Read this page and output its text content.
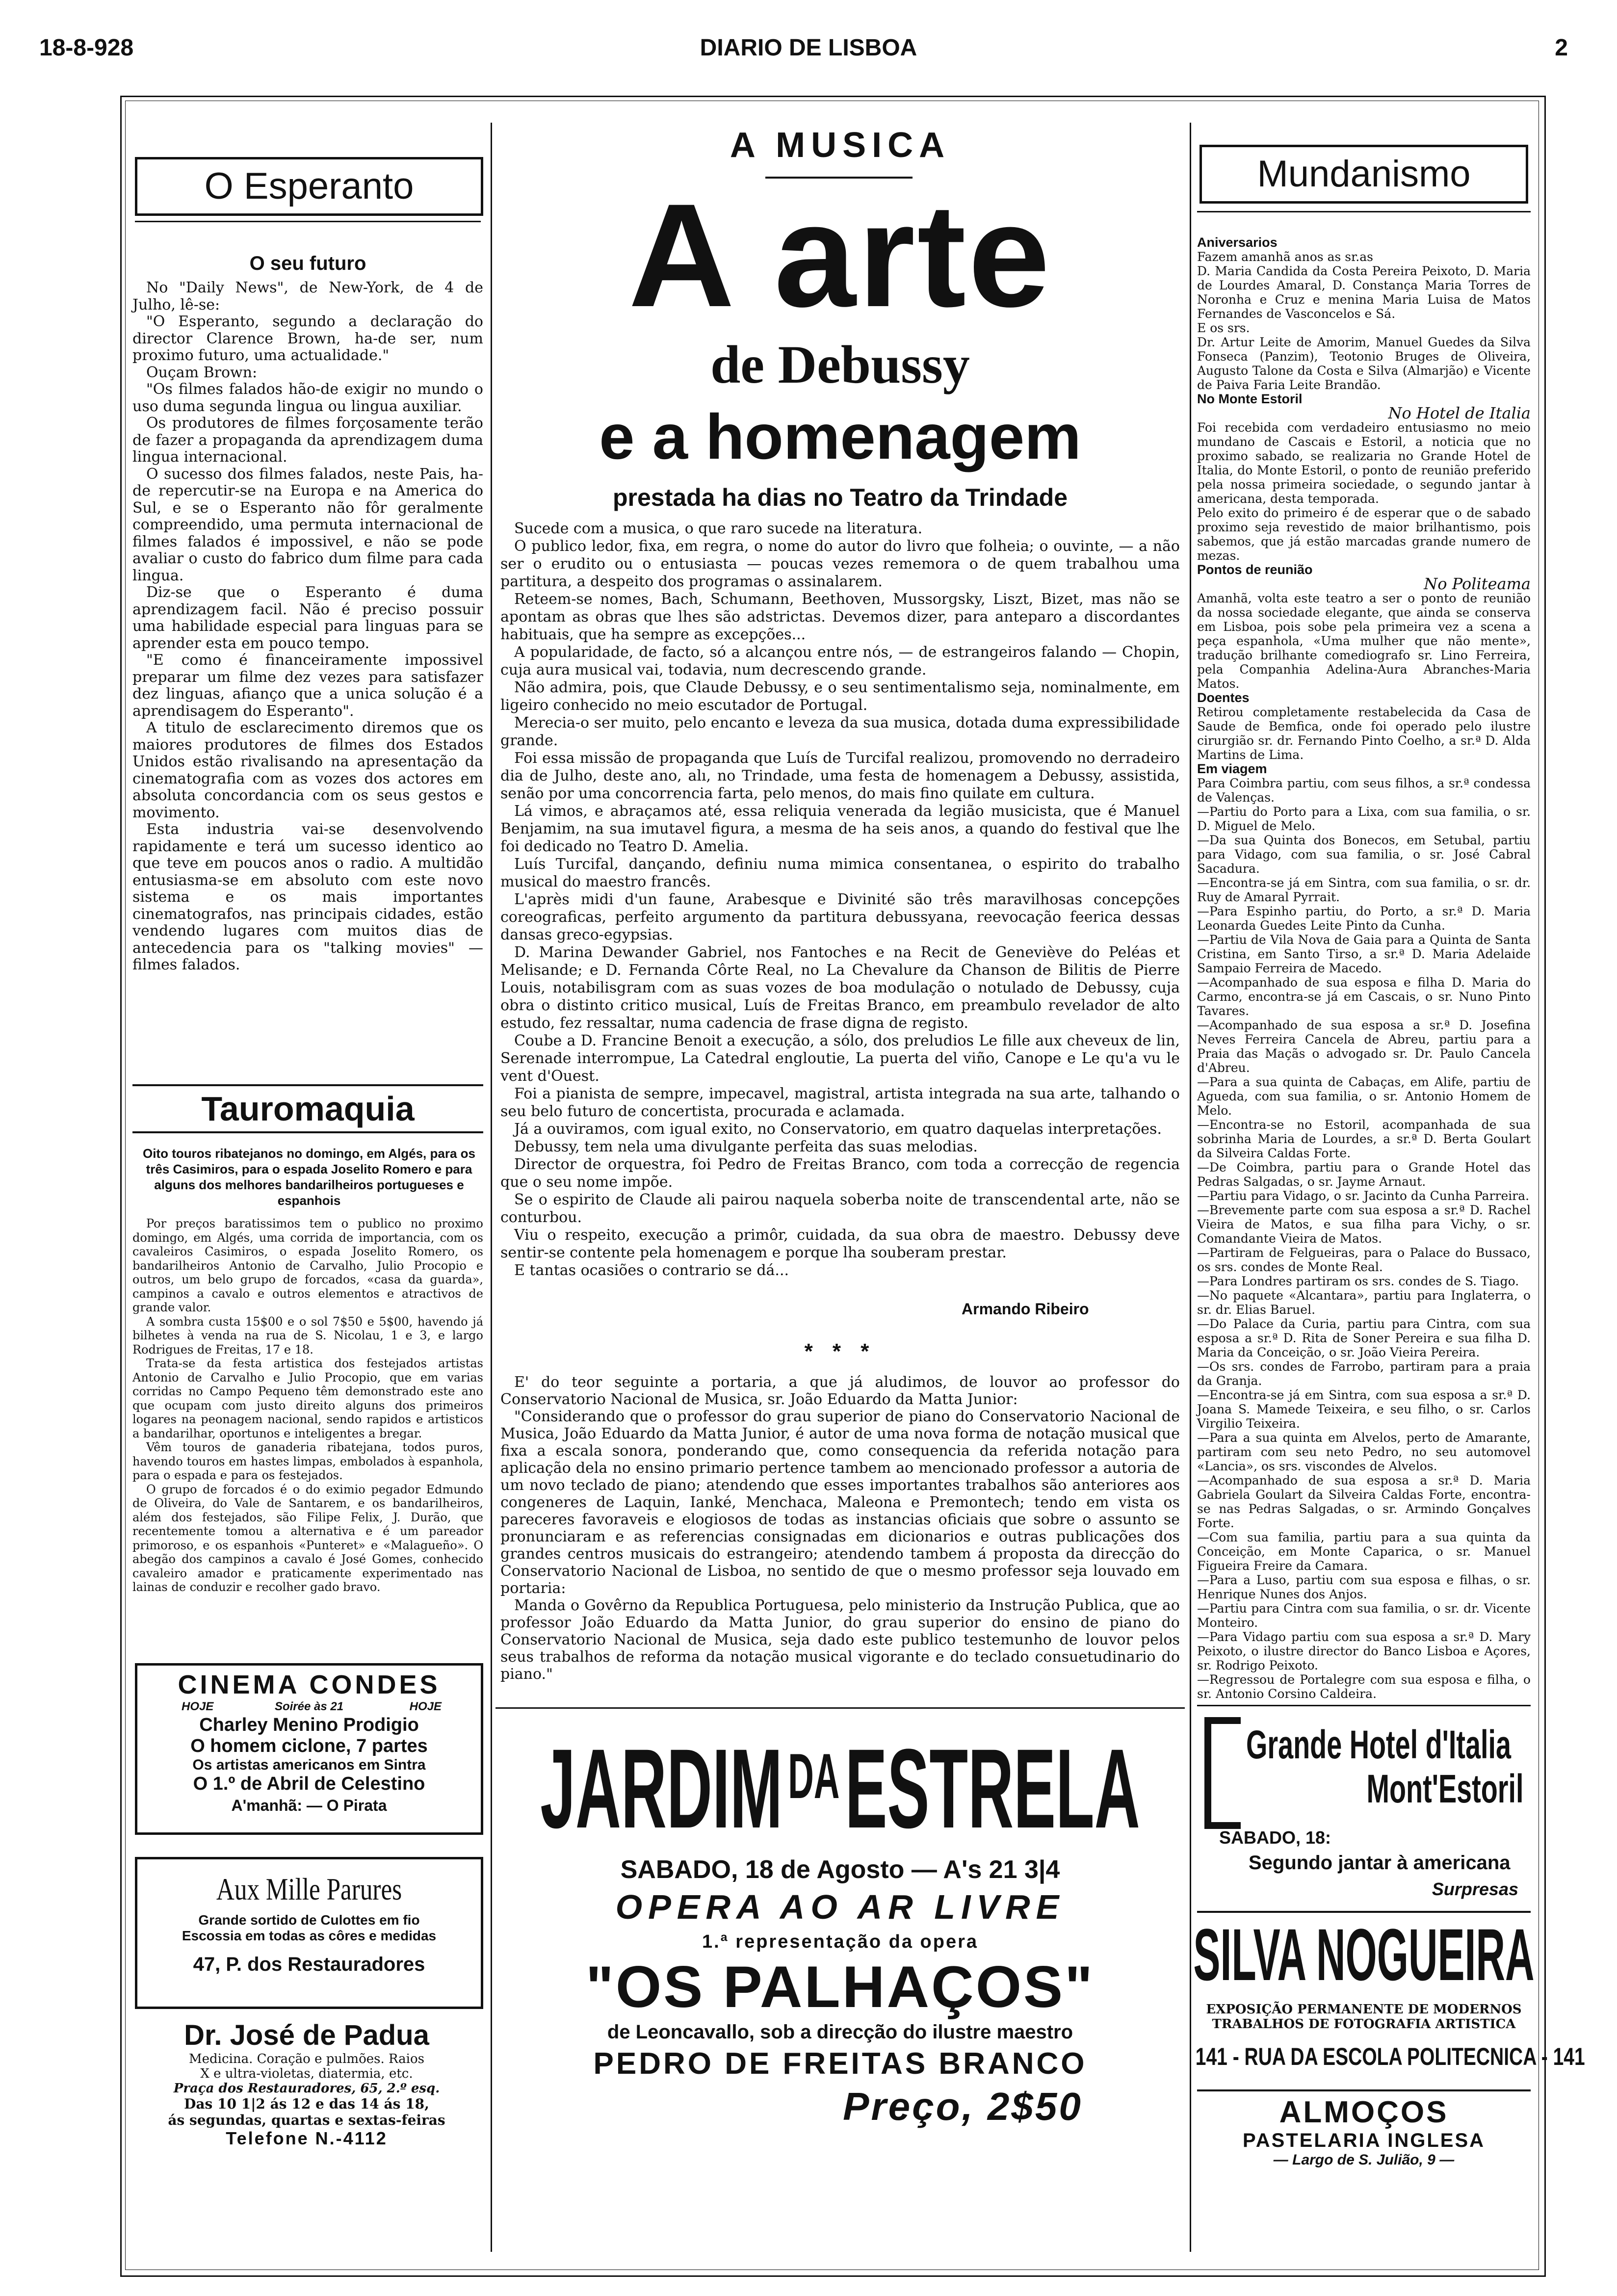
18-8-928	DIARIO DE LISBOA	2
O Esperanto
O seu futuro

No "Daily News", de New-York, de 4 de Julho, lê-se:

"O Esperanto, segundo a declaração do director Clarence Brown, ha-de ser, num proximo futuro, uma actualidade."

Ouçam Brown:

"Os filmes falados hão-de exigir no mundo o uso duma segunda lingua ou lingua auxiliar.

Os produtores de filmes forçosamente terão de fazer a propaganda da aprendizagem duma lingua internacional.

O sucesso dos filmes falados, neste Pais, ha-de repercutir-se na Europa e na America do Sul, e se o Esperanto não fôr geralmente compreendido, uma permuta internacional de filmes falados é impossivel, e não se pode avaliar o custo do fabrico dum filme para cada lingua.

Diz-se que o Esperanto é duma aprendizagem facil. Não é preciso possuir uma habilidade especial para linguas para se aprender esta em pouco tempo.

"E como é financeiramente impossivel preparar um filme dez vezes para satisfazer dez linguas, afianço que a unica solução é a aprendisagem do Esperanto".

A titulo de esclarecimento diremos que os maiores produtores de filmes dos Estados Unidos estão rivalisando na apresentação da cinematografia com as vozes dos actores em absoluta concordancia com os seus gestos e movimento.

Esta industria vai-se desenvolvendo rapidamente e terá um sucesso identico ao que teve em poucos anos o radio. A multidão entusiasma-se em absoluto com este novo sistema e os mais importantes cinematografos, nas principais cidades, estão vendendo lugares com muitos dias de antecedencia para os "talking movies" — filmes falados.

Tauromaquia
Oito touros ribatejanos no domingo, em Algés, para os três Casimiros, para o espada Joselito Romero e para alguns dos melhores bandarilheiros portugueses e espanhois

Por preços baratissimos tem o publico no proximo domingo, em Algés, uma corrida de importancia, com os cavaleiros Casimiros, o espada Joselito Romero, os bandarilheiros Antonio de Carvalho, Julio Procopio e outros, um belo grupo de forcados, «casa da guarda», campinos a cavalo e outros elementos e atractivos de grande valor.

A sombra custa 15$00 e o sol 7$50 e 5$00, havendo já bilhetes à venda na rua de S. Nicolau, 1 e 3, e largo Rodrigues de Freitas, 17 e 18.

Trata-se da festa artistica dos festejados artistas Antonio de Carvalho e Julio Procopio, que em varias corridas no Campo Pequeno têm demonstrado este ano que ocupam com justo direito alguns dos primeiros logares na peonagem nacional, sendo rapidos e artisticos a bandarilhar, oportunos e inteligentes a bregar.

Vêm touros de ganaderia ribatejana, todos puros, havendo touros em hastes limpas, embolados à espanhola, para o espada e para os festejados.

O grupo de forcados é o do eximio pegador Edmundo de Oliveira, do Vale de Santarem, e os bandarilheiros, além dos festejados, são Filipe Felix, J. Durão, que recentemente tomou a alternativa e é um pareador primoroso, e os espanhois «Punteret» e «Malagueño». O abegão dos campinos a cavalo é José Gomes, conhecido cavaleiro amador e praticamente experimentado nas lainas de conduzir e recolher gado bravo.

CINEMA CONDES
HOJE	Soirée às 21	HOJE
Charley Menino Prodigio
O homem ciclone, 7 partes
Os artistas americanos em Sintra
O 1.º de Abril de Celestino
A'manhã: — O Pirata
Aux Mille Parures
Grande sortido de Culottes em fio
Escossia em todas as côres e medidas
47, P. dos Restauradores
Dr. José de Padua
Medicina. Coração e pulmões. Raios
X e ultra-violetas, diatermia, etc.
Praça dos Restauradores, 65, 2.º esq.
Das 10 1|2 ás 12 e das 14 ás 18,
ás segundas, quartas e sextas-feiras
Telefone N.-4112
A MUSICA
A arte
de Debussy
e a homenagem
prestada ha dias no Teatro da Trindade

Sucede com a musica, o que raro sucede na literatura.

O publico ledor, fixa, em regra, o nome do autor do livro que folheia; o ouvinte, — a não ser o erudito ou o entusiasta — poucas vezes rememora o de quem trabalhou uma partitura, a despeito dos programas o assinalarem.

Reteem-se nomes, Bach, Schumann, Beethoven, Mussorgsky, Liszt, Bizet, mas não se apontam as obras que lhes são adstrictas. Devemos dizer, para anteparo a discordantes habituais, que ha sempre as excepções...

A popularidade, de facto, só a alcançou entre nós, — de estrangeiros falando — Chopin, cuja aura musical vai, todavia, num decrescendo grande.

Não admira, pois, que Claude Debussy, e o seu sentimentalismo seja, nominalmente, em ligeiro conhecido no meio escutador de Portugal.

Merecia-o ser muito, pelo encanto e leveza da sua musica, dotada duma expressibilidade grande.

Foi essa missão de propaganda que Luís de Turcifal realizou, promovendo no derradeiro dia de Julho, deste ano, alı, no Trindade, uma festa de homenagem a Debussy, assistida, senão por uma concorrencia farta, pelo menos, do mais fino quilate em cultura.

Lá vimos, e abraçamos até, essa reliquia venerada da legião musicista, que é Manuel Benjamim, na sua imutavel figura, a mesma de ha seis anos, a quando do festival que lhe foi dedicado no Teatro D. Amelia.

Luís Turcifal, dançando, definiu numa mimica consentanea, o espirito do trabalho musical do maestro francês.

L'après midi d'un faune, Arabesque e Divinité são três maravilhosas concepções coreograficas, perfeito argumento da partitura debussyana, reevocação feerica dessas dansas greco-egypsias.

D. Marina Dewander Gabriel, nos Fantoches e na Recit de Geneviève do Peléas et Melisande; e D. Fernanda Côrte Real, no La Chevalure da Chanson de Bilitis de Pierre Louis, notabilisgram com as suas vozes de boa modulação o notulado de Debussy, cuja obra o distinto critico musical, Luís de Freitas Branco, em preambulo revelador de alto estudo, fez ressaltar, numa cadencia de frase digna de registo.

Coube a D. Francine Benoit a execução, a sólo, dos preludios Le fille aux cheveux de lin, Serenade interrompue, La Catedral engloutie, La puerta del viño, Canope e Le qu'a vu le vent d'Ouest.

Foi a pianista de sempre, impecavel, magistral, artista integrada na sua arte, talhando o seu belo futuro de concertista, procurada e aclamada.

Já a ouviramos, com igual exito, no Conservatorio, em quatro daquelas interpretações.

Debussy, tem nela uma divulgante perfeita das suas melodias.

Director de orquestra, foi Pedro de Freitas Branco, com toda a correcção de regencia que o seu nome impõe.

Se o espirito de Claude ali pairou naquela soberba noite de transcendental arte, não se conturbou.

Viu o respeito, execução a primôr, cuidada, da sua obra de maestro. Debussy deve sentir-se contente pela homenagem e porque lha souberam prestar.

E tantas ocasiões o contrario se dá...

Armando Ribeiro
* * *

E' do teor seguinte a portaria, a que já aludimos, de louvor ao professor do Conservatorio Nacional de Musica, sr. João Eduardo da Matta Junior:

"Considerando que o professor do grau superior de piano do Conservatorio Nacional de Musica, João Eduardo da Matta Junior, é autor de uma nova forma de notação musical que fixa a escala sonora, ponderando que, como consequencia da referida notação para aplicação dela no ensino primario pertence tambem ao mencionado professor a autoria de um novo teclado de piano; atendendo que esses importantes trabalhos são anteriores aos congeneres de Laquin, Ianké, Menchaca, Maleona e Premontech; tendo em vista os pareceres favoraveis e elogiosos de todas as instancias oficiais que sobre o assunto se pronunciaram e as referencias consignadas em dicionarios e outras publicações dos grandes centros musicais do estrangeiro; atendendo tambem á proposta da direcção do Conservatorio Nacional de Lisboa, no sentido de que o mesmo professor seja louvado em portaria:

Manda o Govêrno da Republica Portuguesa, pelo ministerio da Instrução Publica, que ao professor João Eduardo da Matta Junior, do grau superior do ensino de piano do Conservatorio Nacional de Musica, seja dado este publico testemunho de louvor pelos seus trabalhos de reforma da notação musical vigorante e do teclado consuetudinario do piano."

$JARDIM^{DA}ESTRELA$
SABADO, 18 de Agosto — A's 21 3|4
OPERA AO AR LIVRE
1.ª representação da opera
"OS PALHAÇOS"
de Leoncavallo, sob a direcção do ilustre maestro
PEDRO DE FREITAS BRANCO
Preço, 2$50
Mundanismo
Aniversarios
Fazem amanhã anos as sr.as
D. Maria Candida da Costa Pereira Peixoto, D. Maria de Lourdes Amaral, D. Constança Maria Torres de Noronha e Cruz e menina Maria Luisa de Matos Fernandes de Vasconcelos e Sá.
E os srs.
Dr. Artur Leite de Amorim, Manuel Guedes da Silva Fonseca (Panzim), Teotonio Bruges de Oliveira, Augusto Talone da Costa e Silva (Almarjão) e Vicente de Paiva Faria Leite Brandão.
No Monte Estoril
No Hotel de Italia
Foi recebida com verdadeiro entusiasmo no meio mundano de Cascais e Estoril, a noticia que no proximo sabado, se realizaria no Grande Hotel de Italia, do Monte Estoril, o ponto de reunião preferido pela nossa primeira sociedade, o segundo jantar à americana, desta temporada.
Pelo exito do primeiro é de esperar que o de sabado proximo seja revestido de maior brilhantismo, pois sabemos, que já estão marcadas grande numero de mezas.
Pontos de reunião
No Politeama
Amanhã, volta este teatro a ser o ponto de reunião da nossa sociedade elegante, que ainda se conserva em Lisboa, pois sobe pela primeira vez a scena a peça espanhola, «Uma mulher que não mente», tradução brilhante comediografo sr. Lino Ferreira, pela Companhia Adelina-Aura Abranches-Maria Matos.
Doentes
Retirou completamente restabelecida da Casa de Saude de Bemfica, onde foi operado pelo ilustre cirurgião sr. dr. Fernando Pinto Coelho, a sr.ª D. Alda Martins de Lima.
Em viagem
Para Coimbra partiu, com seus filhos, a sr.ª condessa de Valenças.
—Partiu do Porto para a Lixa, com sua familia, o sr. D. Miguel de Melo.
—Da sua Quinta dos Bonecos, em Setubal, partiu para Vidago, com sua familia, o sr. José Cabral Sacadura.
—Encontra-se já em Sintra, com sua familia, o sr. dr. Ruy de Amaral Pyrrait.
—Para Espinho partiu, do Porto, a sr.ª D. Maria Leonarda Guedes Leite Pinto da Cunha.
—Partiu de Vila Nova de Gaia para a Quinta de Santa Cristina, em Santo Tirso, a sr.ª D. Maria Adelaide Sampaio Ferreira de Macedo.
—Acompanhado de sua esposa e filha D. Maria do Carmo, encontra-se já em Cascais, o sr. Nuno Pinto Tavares.
—Acompanhado de sua esposa a sr.ª D. Josefina Neves Ferreira Cancela de Abreu, partiu para a Praia das Maçãs o advogado sr. Dr. Paulo Cancela d'Abreu.
—Para a sua quinta de Cabaças, em Alife, partiu de Agueda, com sua familia, o sr. Antonio Homem de Melo.
—Encontra-se no Estoril, acompanhada de sua sobrinha Maria de Lourdes, a sr.ª D. Berta Goulart da Silveira Caldas Forte.
—De Coimbra, partiu para o Grande Hotel das Pedras Salgadas, o sr. Jayme Arnaut.
—Partiu para Vidago, o sr. Jacinto da Cunha Parreira.
—Brevemente parte com sua esposa a sr.ª D. Rachel Vieira de Matos, e sua filha para Vichy, o sr. Comandante Vieira de Matos.
—Partiram de Felgueiras, para o Palace do Bussaco, os srs. condes de Monte Real.
—Para Londres partiram os srs. condes de S. Tiago.
—No paquete «Alcantara», partiu para Inglaterra, o sr. dr. Elias Baruel.
—Do Palace da Curia, partiu para Cintra, com sua esposa a sr.ª D. Rita de Soner Pereira e sua filha D. Maria da Conceição, o sr. João Vieira Pereira.
—Os srs. condes de Farrobo, partiram para a praia da Granja.
—Encontra-se já em Sintra, com sua esposa a sr.ª D. Joana S. Mamede Teixeira, e seu filho, o sr. Carlos Virgilio Teixeira.
—Para a sua quinta em Alvelos, perto de Amarante, partiram com seu neto Pedro, no seu automovel «Lancia», os srs. viscondes de Alvelos.
—Acompanhado de sua esposa a sr.ª D. Maria Gabriela Goulart da Silveira Caldas Forte, encontra-se nas Pedras Salgadas, o sr. Armindo Gonçalves Forte.
—Com sua familia, partiu para a sua quinta da Conceição, em Monte Caparica, o sr. Manuel Figueira Freire da Camara.
—Para a Luso, partiu com sua esposa e filhas, o sr. Henrique Nunes dos Anjos.
—Partiu para Cintra com sua familia, o sr. dr. Vicente Monteiro.
—Para Vidago partiu com sua esposa a sr.ª D. Mary Peixoto, o ilustre director do Banco Lisboa e Açores, sr. Rodrigo Peixoto.
—Regressou de Portalegre com sua esposa e filha, o sr. Antonio Corsino Caldeira.
Grande Hotel d'Italia
Mont'Estoril
SABADO, 18:
Segundo jantar à americana
Surpresas
SILVA NOGUEIRA
EXPOSIÇÃO PERMANENTE DE MODERNOS
TRABALHOS DE FOTOGRAFIA ARTISTICA
141 - RUA DA ESCOLA POLITECNICA - 141
ALMOÇOS
PASTELARIA INGLESA
— Largo de S. Julião, 9 —
